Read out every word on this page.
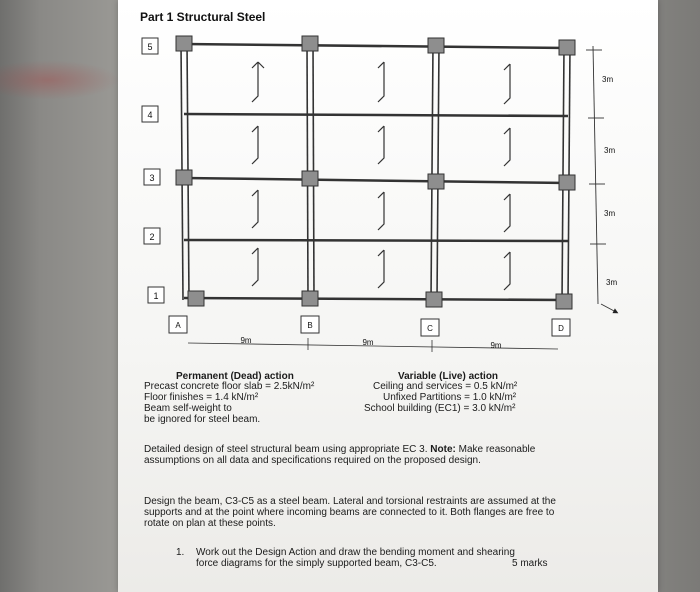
Part 1 Structural Steel
5
4
3
2
1
A	B	C	D
9m	9m	9m
3m
3m
3m
3m
Permanent (Dead) action
Precast concrete floor slab = 2.5kN/m²
Floor finishes = 1.4 kN/m²
Beam self-weight to
be ignored for steel beam.
Variable (Live) action
Ceiling and services = 0.5 kN/m²
Unfixed Partitions = 1.0 kN/m²
School building (EC1) = 3.0 kN/m²
Detailed design of steel structural beam using appropriate EC 3. Note: Make reasonable assumptions on all data and specifications required on the proposed design.
Design the beam, C3-C5 as a steel beam. Lateral and torsional restraints are assumed at the supports and at the point where incoming beams are connected to it. Both flanges are free to rotate on plan at these points.
1. Work out the Design Action and draw the bending moment and shearing
force diagrams for the simply supported beam, C3-C5.	5 marks
